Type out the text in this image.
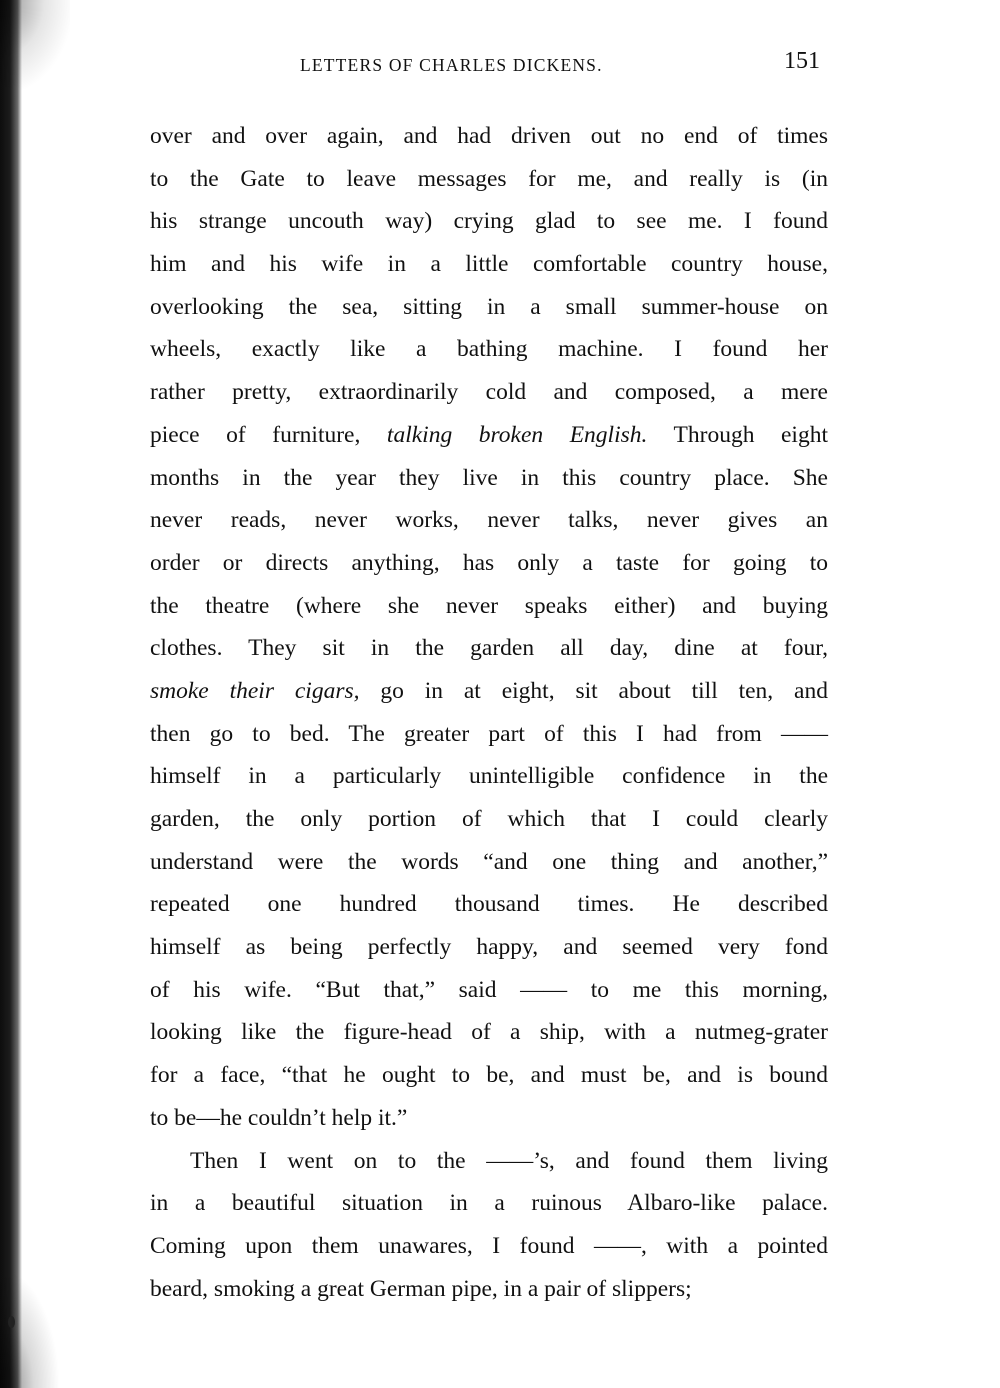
LETTERS OF CHARLES DICKENS.	151
over and over again, and had driven out no end of times
to the Gate to leave messages for me, and really is (in
his strange uncouth way) crying glad to see me. I found
him and his wife in a little comfortable country house,
overlooking the sea, sitting in a small summer-house on
wheels, exactly like a bathing machine. I found her
rather pretty, extraordinarily cold and composed, a mere
piece of furniture, talking broken English. Through eight
months in the year they live in this country place. She
never reads, never works, never talks, never gives an
order or directs anything, has only a taste for going to
the theatre (where she never speaks either) and buying
clothes. They sit in the garden all day, dine at four,
smoke their cigars, go in at eight, sit about till ten, and
then go to bed. The greater part of this I had from ——
himself in a particularly unintelligible confidence in the
garden, the only portion of which that I could clearly
understand were the words “and one thing and another,”
repeated one hundred thousand times. He described
himself as being perfectly happy, and seemed very fond
of his wife. “But that,” said —— to me this morning,
looking like the figure-head of a ship, with a nutmeg-grater
for a face, “that he ought to be, and must be, and is bound
to be—he couldn’t help it.”
Then I went on to the ——’s, and found them living
in a beautiful situation in a ruinous Albaro-like palace.
Coming upon them unawares, I found ——, with a pointed
beard, smoking a great German pipe, in a pair of slippers;
